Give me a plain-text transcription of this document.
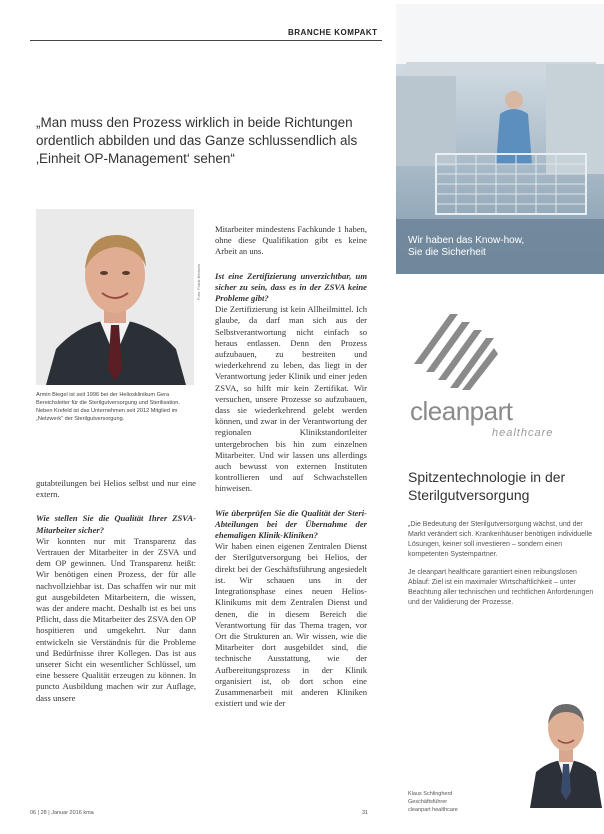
BRANCHE KOMPAKT
„Man muss den Prozess wirklich in beide Richtungen ordentlich abbilden und das Ganze schlussendlich als ‚Einheit OP-Management‘ sehen“
Foto: Frank Beckers
Armin Biegel ist seit 1996 bei der Heliosklinikum Gera Bereichsleiter für die Sterilgutversorgung und Sterilisation. Neben Krefeld ist das Unternehmen seit 2012 Mitglied im „Netzwerk“ der Sterilgutversorgung.

gutabteilungen bei Helios selbst und nur eine extern.

Wie stellen Sie die Qualität Ihrer ZSVA-Mitarbeiter sicher?

Wir konnten nur mit Transparenz das Vertrauen der Mitarbeiter in der ZSVA und dem OP gewinnen. Und Transparenz heißt: Wir benötigen einen Prozess, der für alle nachvollziehbar ist. Das schaffen wir nur mit gut ausgebildeten Mitarbeitern, die wissen, was der andere macht. Deshalb ist es bei uns Pflicht, dass die Mitarbeiter des ZSVA den OP hospitieren und umgekehrt. Nur dann entwickeln sie Verständnis für die Probleme und Bedürfnisse ihrer Kollegen. Das ist aus unserer Sicht ein wesentlicher Schlüssel, um eine bessere Qualität erzeugen zu können. In puncto Ausbildung machen wir zur Auflage, dass unsere

Mitarbeiter mindestens Fachkunde 1 haben, ohne diese Qualifikation gibt es keine Arbeit an uns.

Ist eine Zertifizierung unverzichtbar, um sicher zu sein, dass es in der ZSVA keine Probleme gibt?

Die Zertifizierung ist kein Allheilmittel. Ich glaube, da darf man sich aus der Selbstverantwortung nicht einfach so heraus entlassen. Denn den Prozess aufzubauen, zu bestreiten und wiederkehrend zu leben, das liegt in der Verantwortung jeder Klinik und einer jeden ZSVA, so hilft mir kein Zertifikat. Wir versuchen, unsere Prozesse so aufzubauen, dass sie wiederkehrend gelebt werden können, und zwar in der Verantwortung der regionalen Klinikstandortleiter untergebrochen bis hin zum einzelnen Mitarbeiter. Und wir lassen uns allerdings auch bewusst von externen Instituten kontrollieren und auf Schwachstellen hinweisen.

Wie überprüfen Sie die Qualität der Steri-Abteilungen bei der Übernahme der ehemaligen Klinik-Kliniken?

Wir haben einen eigenen Zentralen Dienst der Sterilgutversorgung bei Helios, der direkt bei der Geschäftsführung angesiedelt ist. Wir schauen uns in der Integrationsphase eines neuen Helios-Klinikums mit dem Zentralen Dienst und denen, die in diesem Bereich die Verantwortung für das Thema tragen, vor Ort die Strukturen an. Wir wissen, wie die Mitarbeiter dort ausgebildet sind, die technische Ausstattung, wie der Aufbereitungsprozess in der Klinik organisiert ist, ob dort schon eine Zusammenarbeit mit anderen Kliniken existiert und wie der

06 | 28 | Januar 2016 kma	31
Wir haben das Know-how, Sie die Sicherheit
cleanpart
healthcare
Spitzentechnologie in der Sterilgutversorgung

„Die Bedeutung der Sterilgutversorgung wächst, und der Markt verändert sich. Krankenhäuser benötigen individuelle Lösungen, keiner soll investieren – sondern einen kompetenten Systempartner.

Je cleanpart healthcare garantiert einen reibungslosen Ablauf: Ziel ist ein maximaler Wirtschaftlichkeit – unter Beachtung aller technischen und rechtlichen Anforderungen und der Validierung der Prozesse.

Klaus Schlingherd
Geschäftsführer
cleanpart healthcare
